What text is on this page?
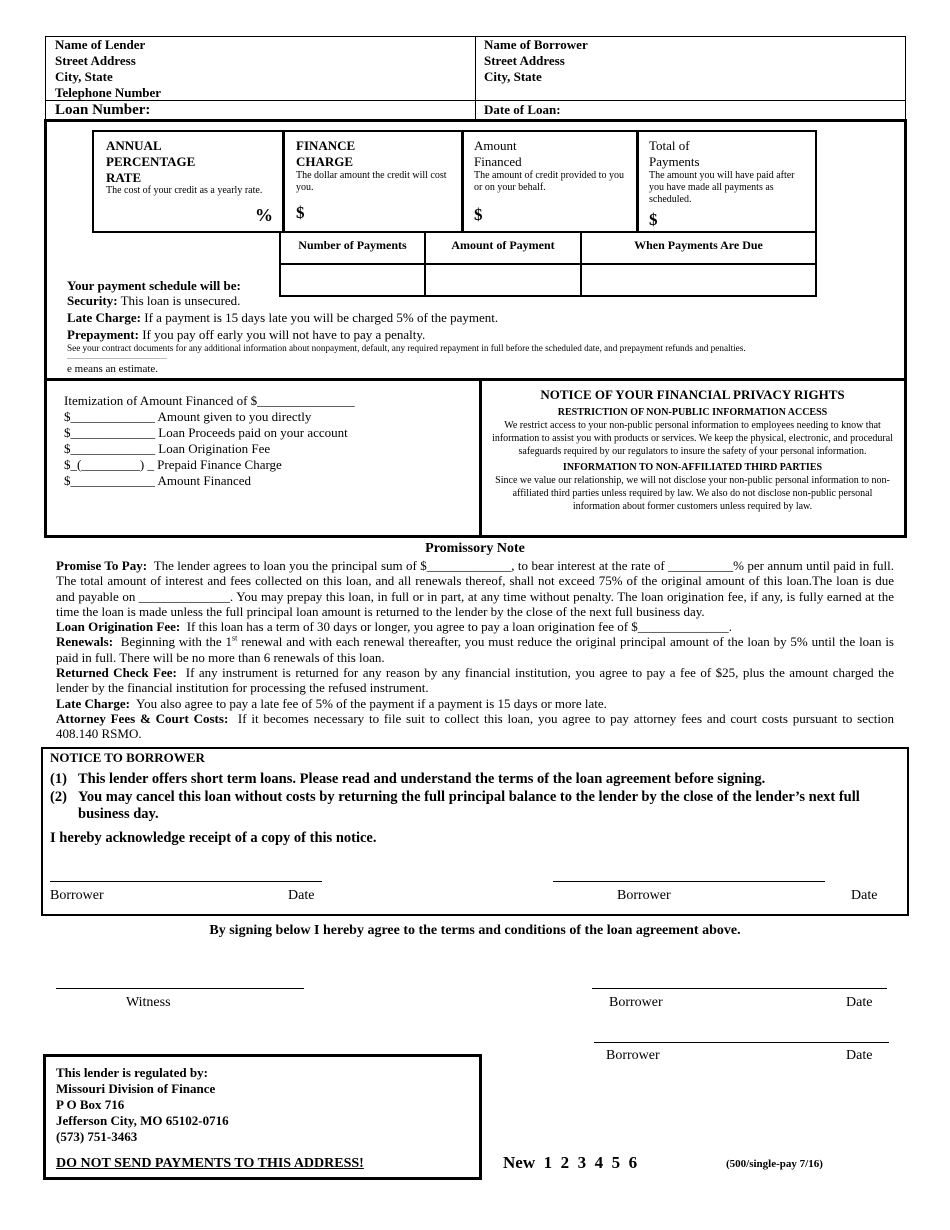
Name of Lender
Street Address
City, State
Telephone Number
Name of Borrower
Street Address
City, State
Loan Number:	Date of Loan:
ANNUAL
PERCENTAGE
RATE
The cost of your credit as a yearly rate.
%
FINANCE
CHARGE
The dollar amount the credit will cost you.
$
Amount
Financed
The amount of credit provided to you or on your behalf.
$
Total of
Payments
The amount you will have paid after you have made all payments as scheduled.
$
Number of Payments	Amount of Payment	When Payments Are Due
Your payment schedule will be:
Security: This loan is unsecured.
Late Charge: If a payment is 15 days late you will be charged 5% of the payment.
Prepayment: If you pay off early you will not have to pay a penalty.
See your contract documents for any additional information about nonpayment, default, any required repayment in full before the scheduled date, and prepayment refunds and penalties.
e means an estimate.
Itemization of Amount Financed of $_______________
$_____________ Amount given to you directly
$_____________ Loan Proceeds paid on your account
$_____________ Loan Origination Fee
$_(_________) _ Prepaid Finance Charge
$_____________ Amount Financed
NOTICE OF YOUR FINANCIAL PRIVACY RIGHTS
RESTRICTION OF NON-PUBLIC INFORMATION ACCESS
We restrict access to your non-public personal information to employees needing to know that information to assist you with products or services. We keep the physical, electronic, and procedural safeguards required by our regulators to insure the safety of your personal information.
INFORMATION TO NON-AFFILIATED THIRD PARTIES
Since we value our relationship, we will not disclose your non-public personal information to non-affiliated third parties unless required by law. We also do not disclose non-public personal information about former customers unless required by law.
Promissory Note

Promise To Pay: The lender agrees to loan you the principal sum of $_____________, to bear interest at the rate of __________% per annum until paid in full. The total amount of interest and fees collected on this loan, and all renewals thereof, shall not exceed 75% of the original amount of this loan.The loan is due and payable on ______________. You may prepay this loan, in full or in part, at any time without penalty. The loan origination fee, if any, is fully earned at the time the loan is made unless the full principal loan amount is returned to the lender by the close of the next full business day.

Loan Origination Fee: If this loan has a term of 30 days or longer, you agree to pay a loan origination fee of $______________.

Renewals: Beginning with the 1st renewal and with each renewal thereafter, you must reduce the original principal amount of the loan by 5% until the loan is paid in full. There will be no more than 6 renewals of this loan.

Returned Check Fee: If any instrument is returned for any reason by any financial institution, you agree to pay a fee of $25, plus the amount charged the lender by the financial institution for processing the refused instrument.

Late Charge: You also agree to pay a late fee of 5% of the payment if a payment is 15 days or more late.

Attorney Fees & Court Costs: If it becomes necessary to file suit to collect this loan, you agree to pay attorney fees and court costs pursuant to section 408.140 RSMO.

NOTICE TO BORROWER
(1) This lender offers short term loans. Please read and understand the terms of the loan agreement before signing.
(2) You may cancel this loan without costs by returning the full principal balance to the lender by the close of the lender’s next full business day.
I hereby acknowledge receipt of a copy of this notice.
Borrower	Date	Borrower	Date
By signing below I hereby agree to the terms and conditions of the loan agreement above.
Witness	Borrower	Date
Borrower	Date
This lender is regulated by:
Missouri Division of Finance
P O Box 716
Jefferson City, MO 65102-0716
(573) 751-3463
DO NOT SEND PAYMENTS TO THIS ADDRESS!	New  1  2  3  4  5  6	(500/single-pay 7/16)
